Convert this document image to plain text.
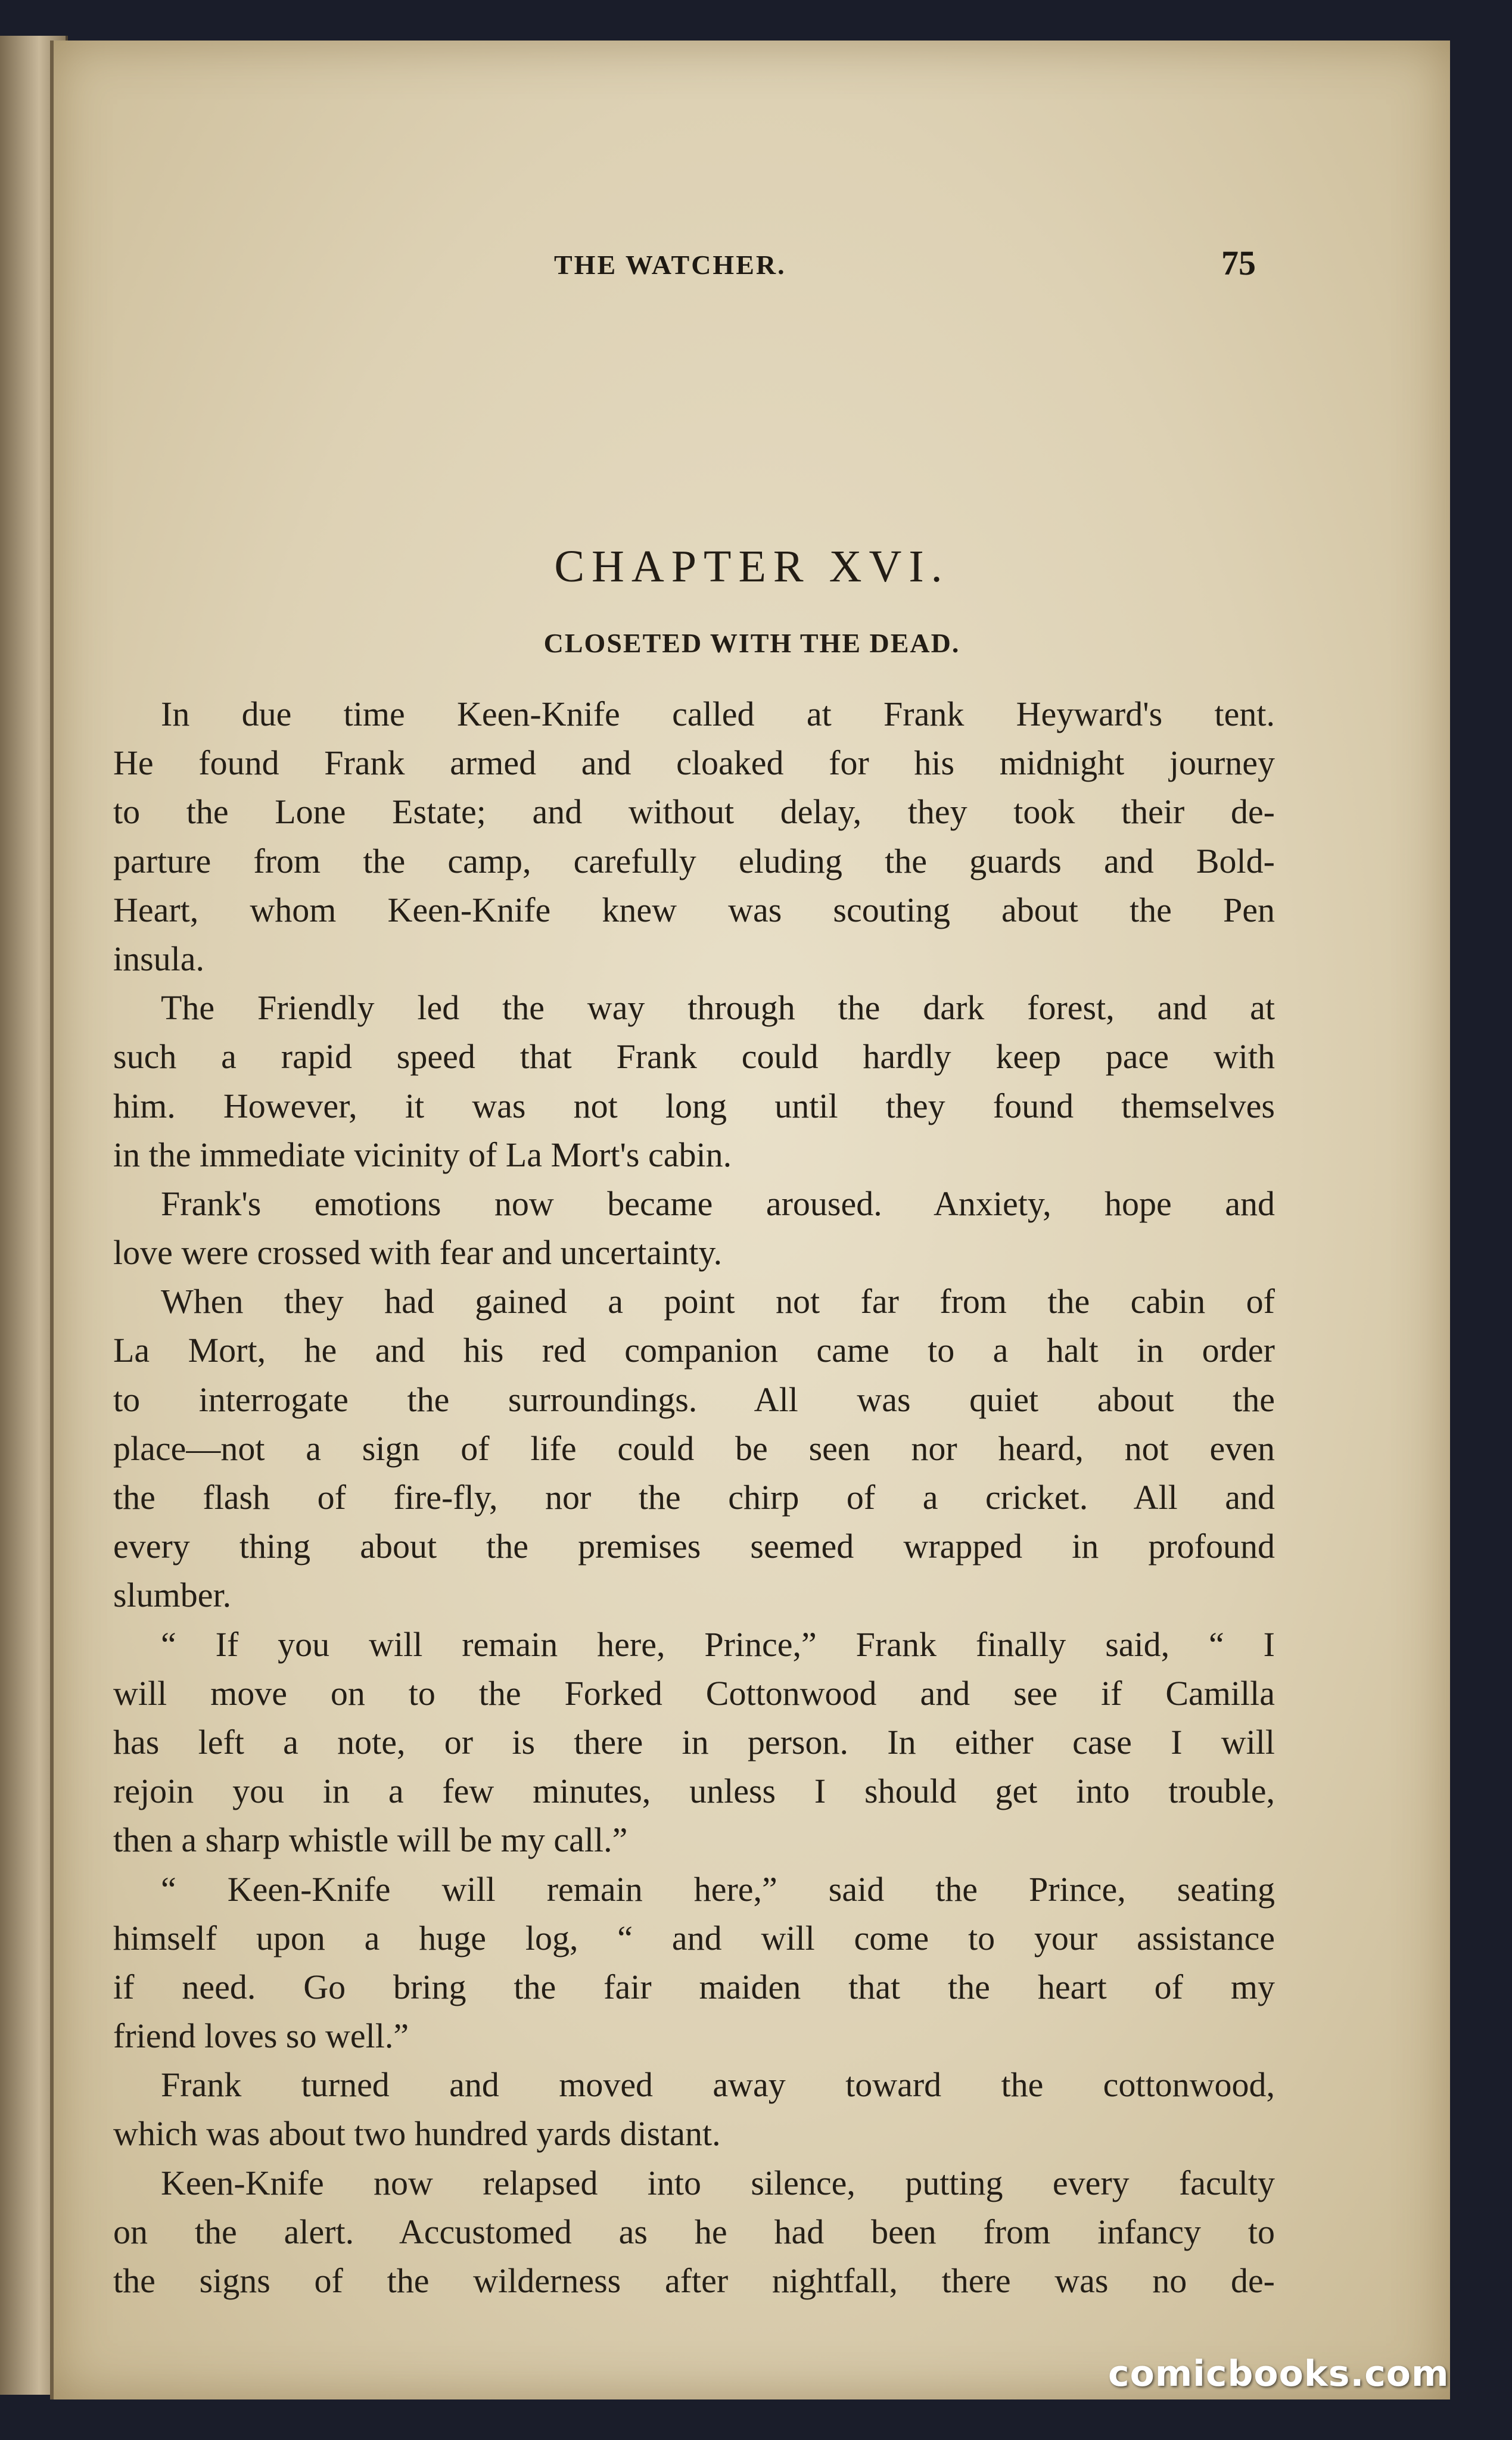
THE WATCHER.	75
CHAPTER XVI.
CLOSETED WITH THE DEAD.
In due time Keen-Knife called at Frank Heyward's tent.
He found Frank armed and cloaked for his midnight journey
to the Lone Estate; and without delay, they took their de-
parture from the camp, carefully eluding the guards and Bold-
Heart, whom Keen-Knife knew was scouting about the Pen
insula.
The Friendly led the way through the dark forest, and at
such a rapid speed that Frank could hardly keep pace with
him. However, it was not long until they found themselves
in the immediate vicinity of La Mort's cabin.
Frank's emotions now became aroused. Anxiety, hope and
love were crossed with fear and uncertainty.
When they had gained a point not far from the cabin of
La Mort, he and his red companion came to a halt in order
to interrogate the surroundings. All was quiet about the
place—not a sign of life could be seen nor heard, not even
the flash of fire-fly, nor the chirp of a cricket. All and
every thing about the premises seemed wrapped in profound
slumber.
“ If you will remain here, Prince,” Frank finally said, “ I
will move on to the Forked Cottonwood and see if Camilla
has left a note, or is there in person. In either case I will
rejoin you in a few minutes, unless I should get into trouble,
then a sharp whistle will be my call.”
“ Keen-Knife will remain here,” said the Prince, seating
himself upon a huge log, “ and will come to your assistance
if need. Go bring the fair maiden that the heart of my
friend loves so well.”
Frank turned and moved away toward the cottonwood,
which was about two hundred yards distant.
Keen-Knife now relapsed into silence, putting every faculty
on the alert. Accustomed as he had been from infancy to
the signs of the wilderness after nightfall, there was no de-
comicbooks.com
